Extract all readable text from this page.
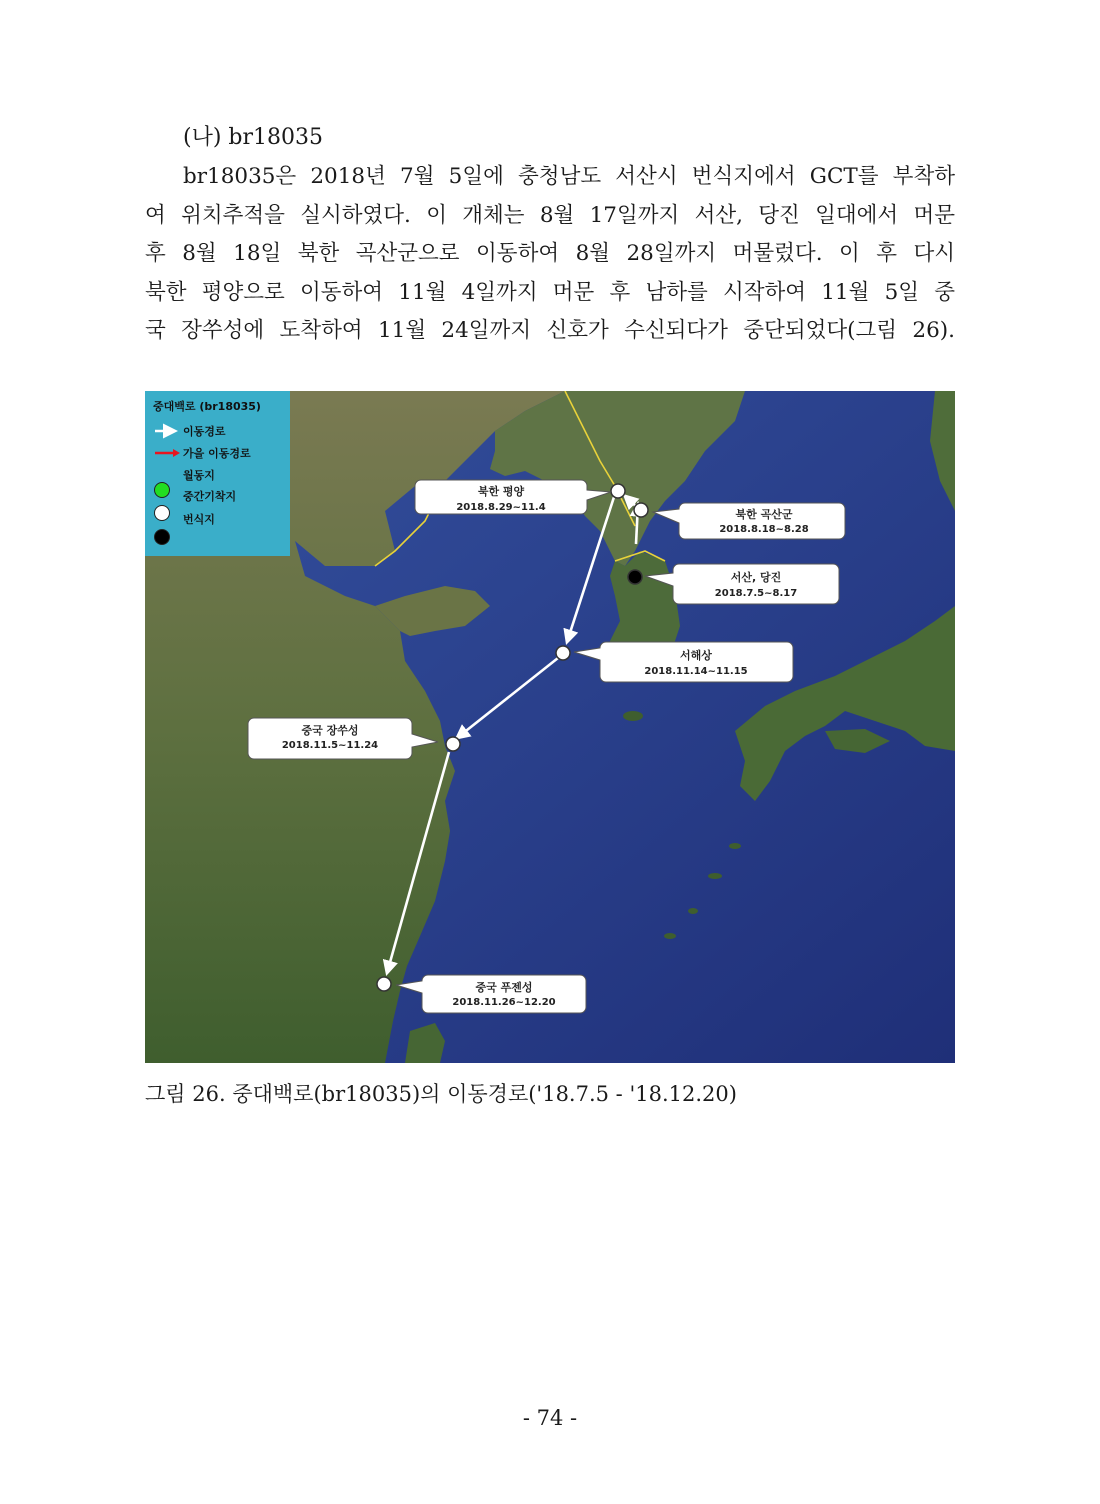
(나) br18035

br18035은 2018년 7월 5일에 충청남도 서산시 번식지에서 GCT를 부착하
여 위치추적을 실시하였다. 이 개체는 8월 17일까지 서산, 당진 일대에서 머문
후 8월 18일 북한 곡산군으로 이동하여 8월 28일까지 머물렀다. 이 후 다시
북한 평양으로 이동하여 11월 4일까지 머문 후 남하를 시작하여 11월 5일 중
국 장쑤성에 도착하여 11월 24일까지 신호가 수신되다가 중단되었다(그림 26).

북한 평양
2018.8.29~11.4
북한 곡산군
2018.8.18~8.28
서산, 당진
2018.7.5~8.17
서해상
2018.11.14~11.15
중국 장쑤성
2018.11.5~11.24
중국 푸젠성
2018.11.26~12.20
중대백로 (br18035)
이동경로
가을 이동경로
월동지
중간기착지
번식지
그림 26. 중대백로(br18035)의 이동경로('18.7.5 - '18.12.20)
- 74 -
